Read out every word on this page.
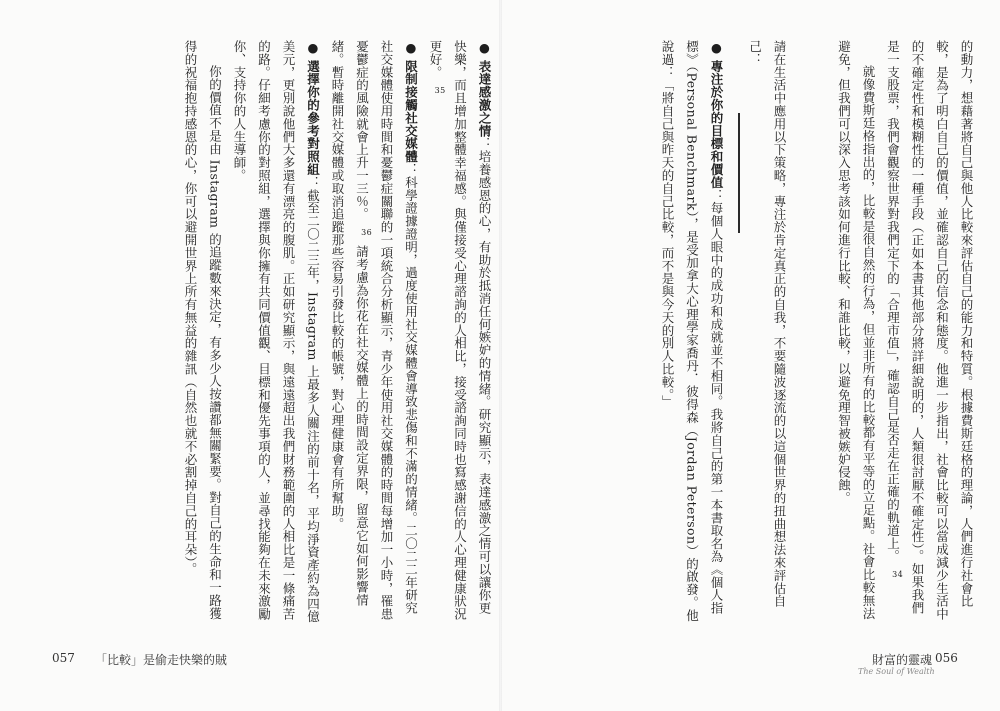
的動力，想藉著將自己與他人比較來評估自己的能力和特質。根據費斯廷格的理論，人們進行社會比較，是為了明白自己的價值，並確認自己的信念和態度。他進一步指出，社會比較可以當成減少生活中的不確定性和模糊性的一種手段（正如本書其他部分將詳細說明的，人類很討厭不確定性）。如果我們是一支股票，我們會觀察世界對我們定下的「合理市值」，確認自己是否走在正確的軌道上。$^{34}$

就像費斯廷格指出的，比較是很自然的行為，但並非所有的比較都有平等的立足點。社會比較無法避免，但我們可以深入思考該如何進行比較、和誰比較，以避免理智被嫉妒侵蝕。

請在生活中應用以下策略，專注於肯定真正的自我，不要隨波逐流的以這個世界的扭曲想法來評估自己：

● 專注於你的目標和價值：每個人眼中的成功和成就並不相同。我將自己的第一本書取名為《個人指標》（Personal Benchmark），是受加拿大心理學家喬丹．彼得森（Jordan Peterson）的啟發。他說過：「將自己與昨天的自己比較，而不是與今天的別人比較。」

● 表達感激之情：培養感恩的心，有助於抵消任何嫉妒的情緒。研究顯示，表達感激之情可以讓你更快樂，而且增加整體幸福感。與僅接受心理諮詢的人相比，接受諮詢同時也寫感謝信的人心理健康狀況更好。$^{35}$

● 限制接觸社交媒體：科學證據證明，過度使用社交媒體會導致悲傷和不滿的情緒。二〇二二年研究社交媒體使用時間和憂鬱症關聯的一項統合分析顯示，青少年使用社交媒體的時間每增加一小時，罹患憂鬱症的風險就會上升一三％。$^{36}$請考慮為你花在社交媒體上的時間設定界限，留意它如何影響情緒。暫時離開社交媒體或取消追蹤那些容易引發比較的帳號，對心理健康會有所幫助。

● 選擇你的參考對照組：截至二〇二三年，Instagram 上最多人關注的前十名，平均淨資產約為四億美元，更別說他們大多還有漂亮的腹肌。正如研究顯示，與遠遠超出我們財務範圍的人相比是一條痛苦的路。仔細考慮你的對照組，選擇與你擁有共同價值觀、目標和優先事項的人，並尋找能夠在未來激勵你、支持你的人生導師。

你的價值不是由 Instagram 的追蹤數來決定，有多少人按讚都無關緊要。對自己的生命和一路獲得的祝福抱持感恩的心，你可以避開世界上所有無益的雜訊（自然也就不必割掉自己的耳朵）。

057 「比較」是偷走快樂的賊	財富的靈魂
The Soul of Wealth
056
